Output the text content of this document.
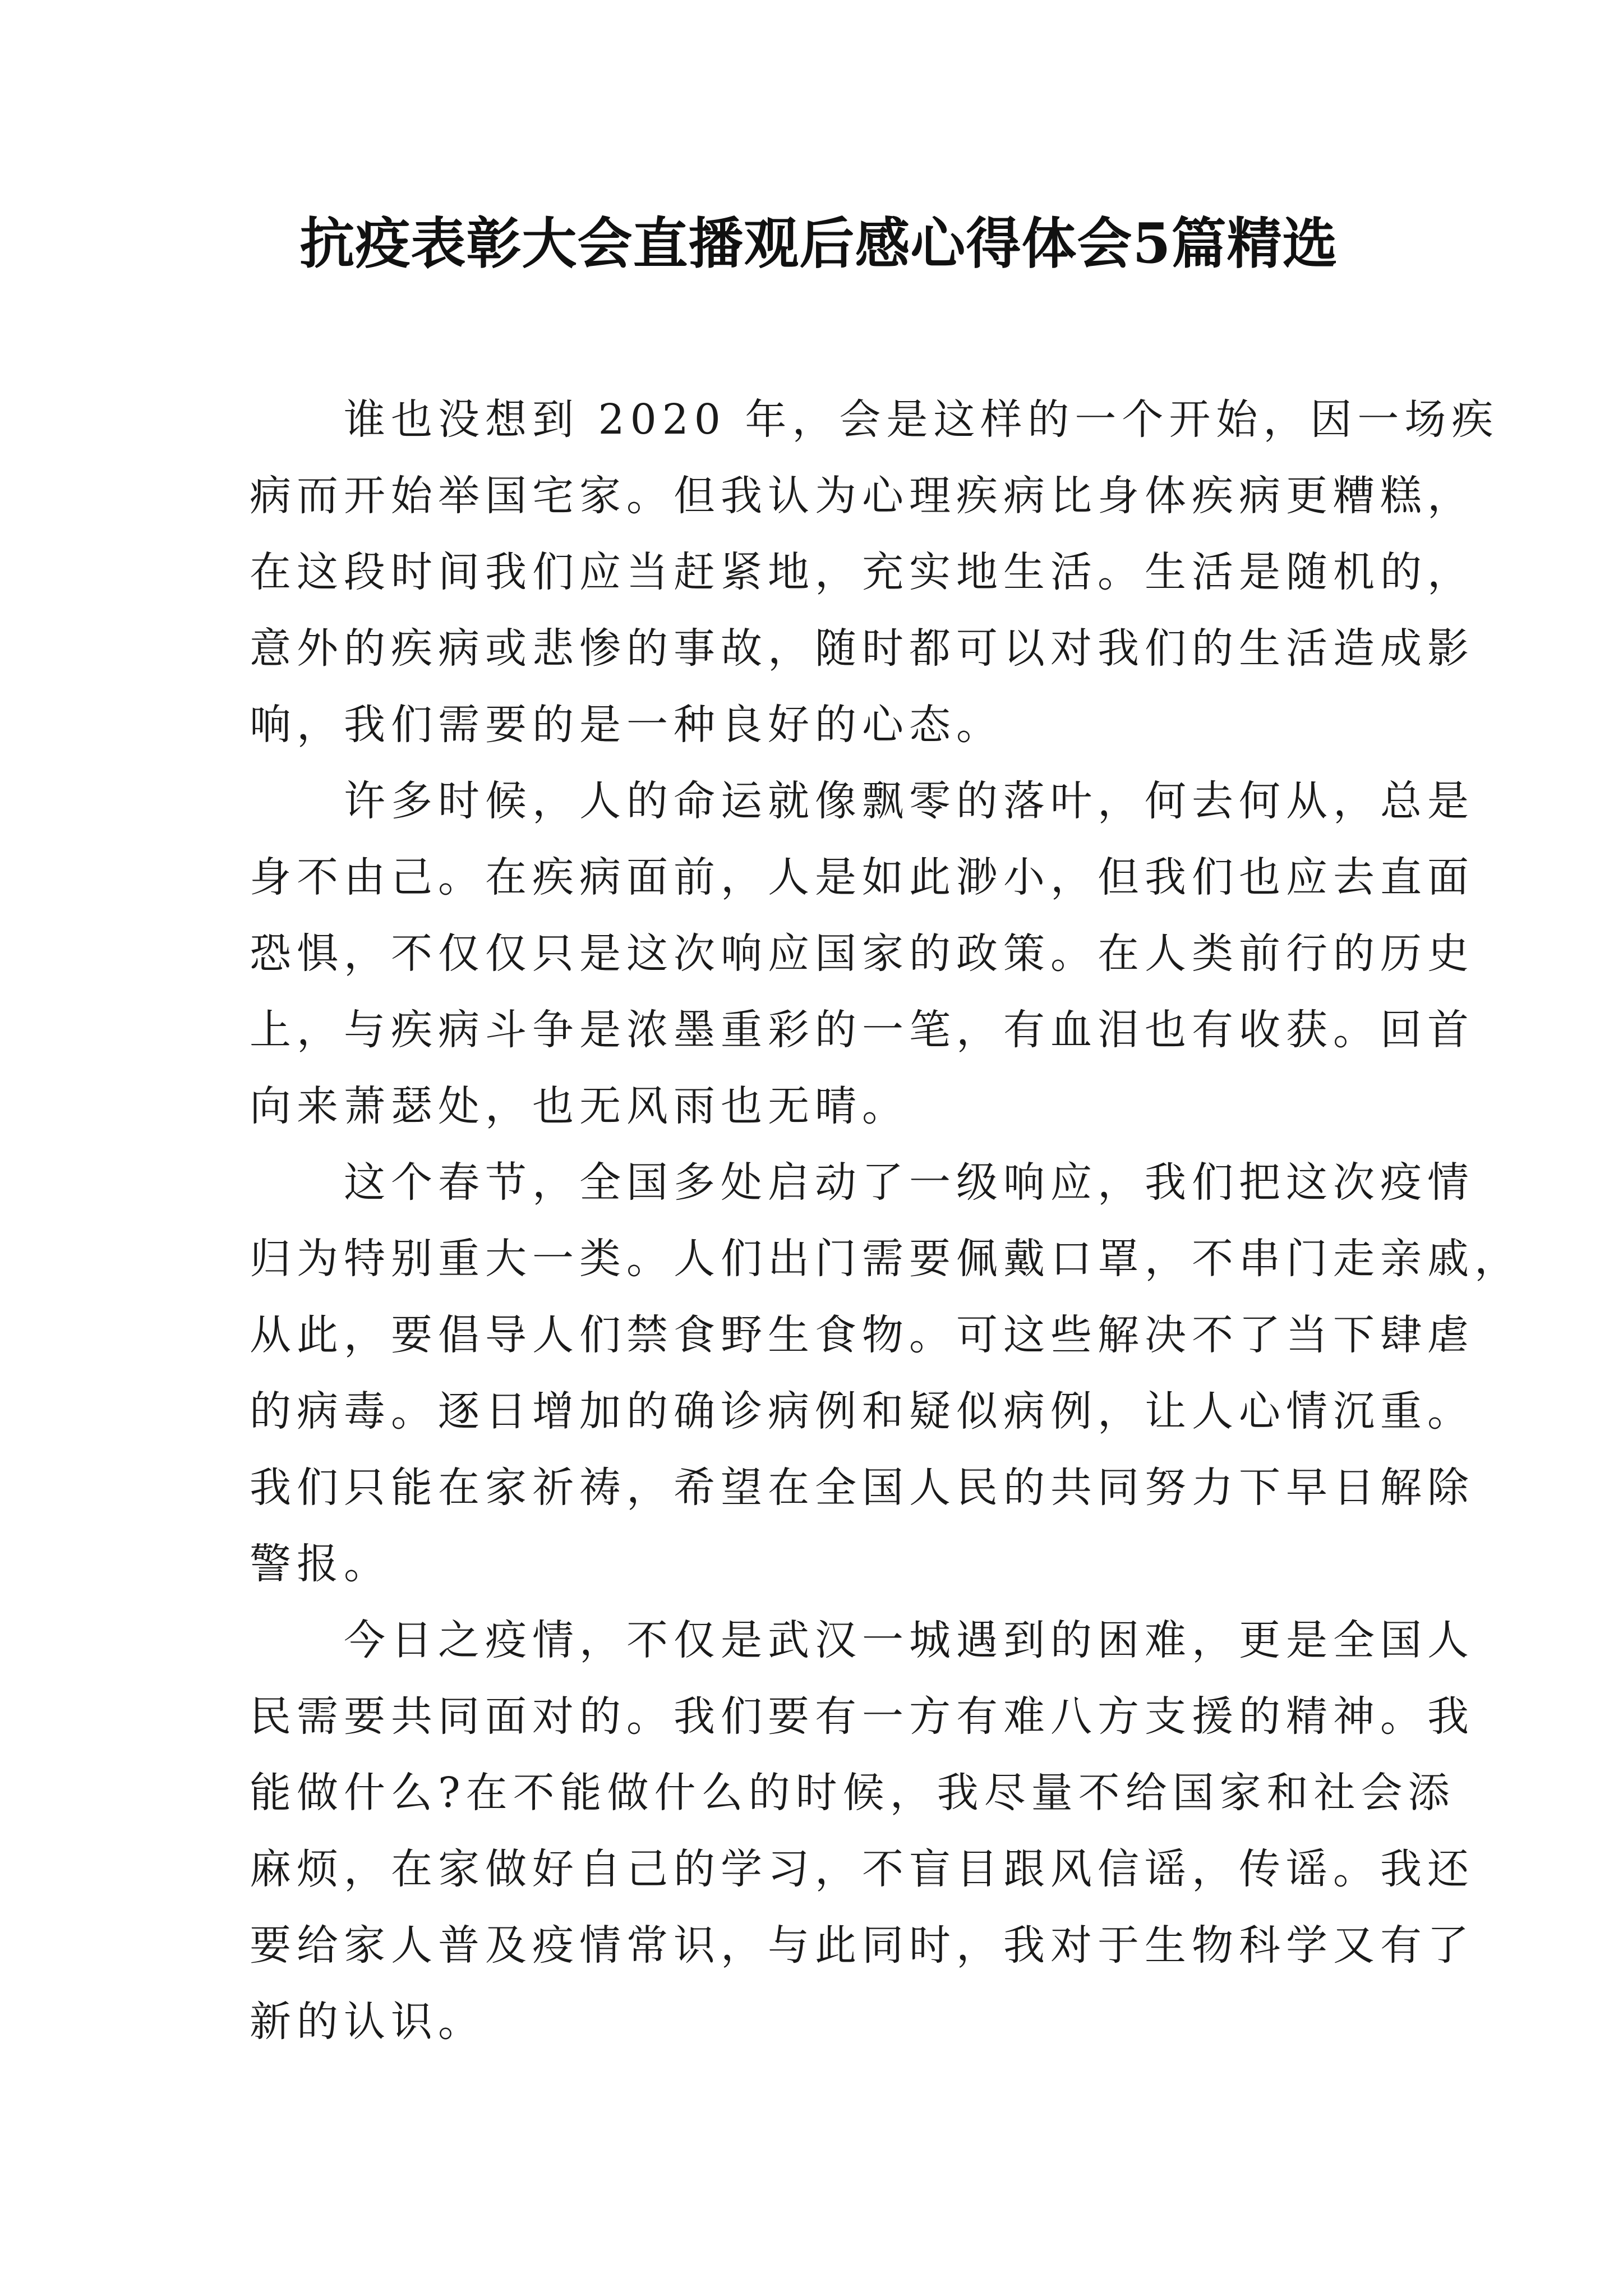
抗疫表彰大会直播观后感心得体会5篇精选

谁也没想到 2020 年，会是这样的一个开始，因一场疾
病而开始举国宅家。但我认为心理疾病比身体疾病更糟糕，
在这段时间我们应当赶紧地，充实地生活。生活是随机的，
意外的疾病或悲惨的事故，随时都可以对我们的生活造成影
响，我们需要的是一种良好的心态。

许多时候，人的命运就像飘零的落叶，何去何从，总是
身不由己。在疾病面前，人是如此渺小，但我们也应去直面
恐惧，不仅仅只是这次响应国家的政策。在人类前行的历史
上，与疾病斗争是浓墨重彩的一笔，有血泪也有收获。回首
向来萧瑟处，也无风雨也无晴。

这个春节，全国多处启动了一级响应，我们把这次疫情
归为特别重大一类。人们出门需要佩戴口罩，不串门走亲戚，
从此，要倡导人们禁食野生食物。可这些解决不了当下肆虐
的病毒。逐日增加的确诊病例和疑似病例，让人心情沉重。
我们只能在家祈祷，希望在全国人民的共同努力下早日解除
警报。

今日之疫情，不仅是武汉一城遇到的困难，更是全国人
民需要共同面对的。我们要有一方有难八方支援的精神。我
能做什么?在不能做什么的时候，我尽量不给国家和社会添
麻烦，在家做好自己的学习，不盲目跟风信谣，传谣。我还
要给家人普及疫情常识，与此同时，我对于生物科学又有了
新的认识。
